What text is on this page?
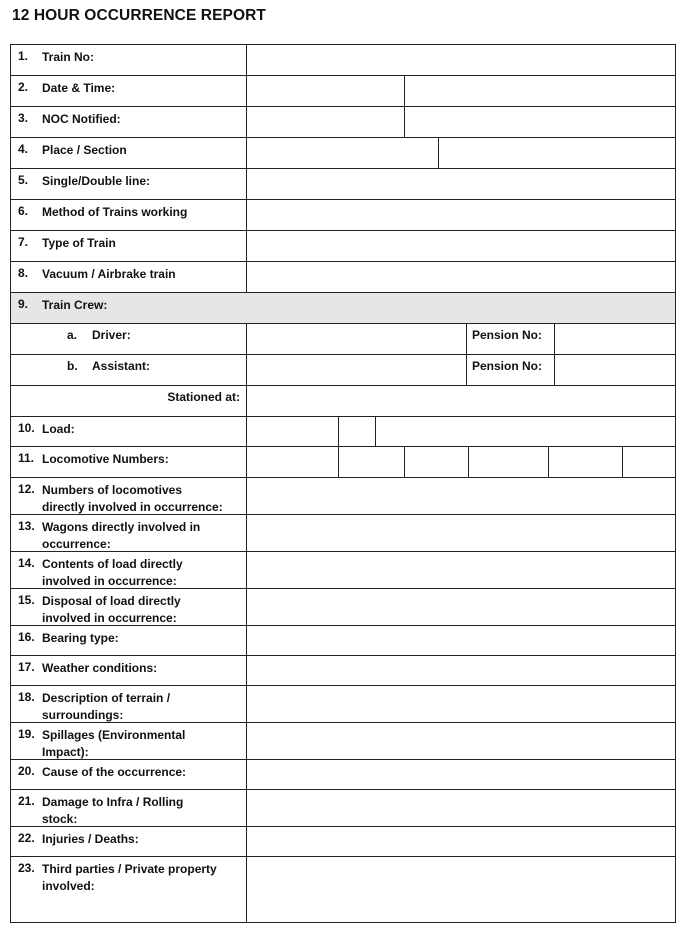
12 HOUR OCCURRENCE REPORT
1. Train No:
2. Date & Time:
3. NOC Notified:
4. Place / Section
5. Single/Double line:
6. Method of Trains working
7. Type of Train
8. Vacuum / Airbrake train
9. Train Crew:
a. Driver:	Pension No:
b. Assistant:	Pension No:
Stationed at:
10. Load:
11. Locomotive Numbers:
12. Numbers of locomotives
directly involved in occurrence:
13. Wagons directly involved in
occurrence:
14. Contents of load directly
involved in occurrence:
15. Disposal of load directly
involved in occurrence:
16. Bearing type:
17. Weather conditions:
18. Description of terrain /
surroundings:
19. Spillages (Environmental
Impact):
20. Cause of the occurrence:
21. Damage to Infra / Rolling
stock:
22. Injuries / Deaths:
23. Third parties / Private property
involved:
